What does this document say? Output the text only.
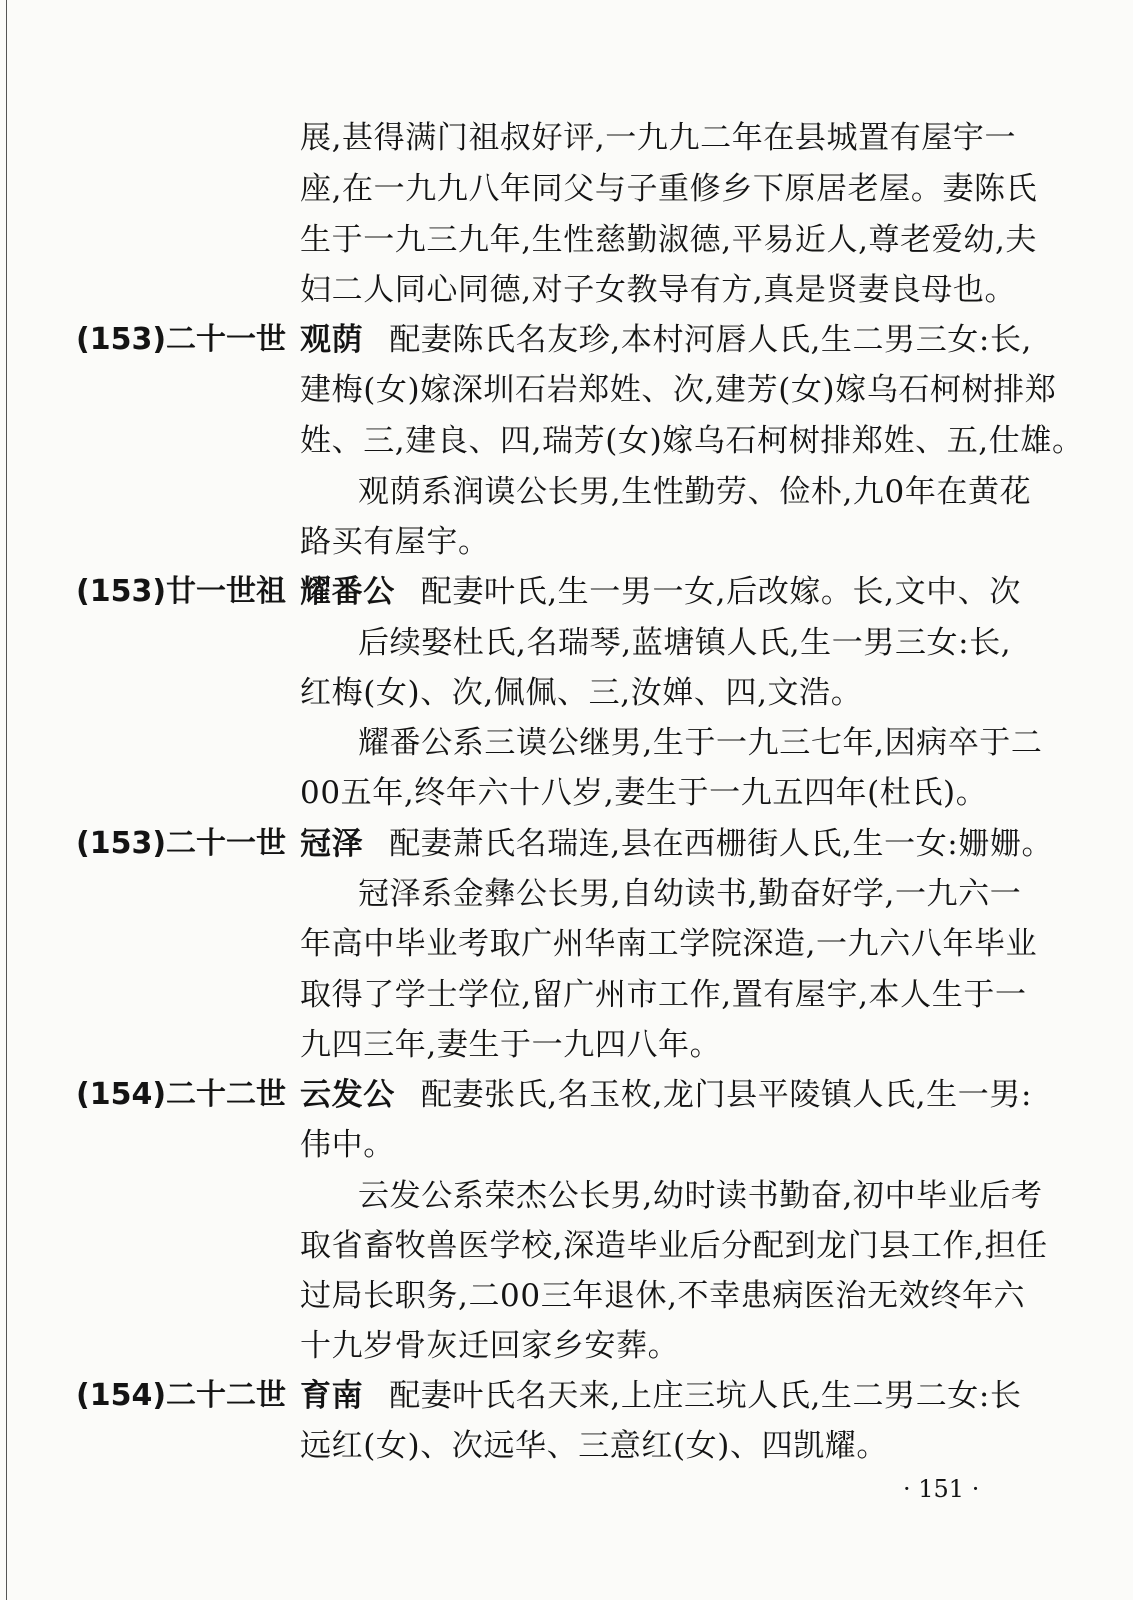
展,甚得满门祖叔好评,一九九二年在县城置有屋宇一
座,在一九九八年同父与子重修乡下原居老屋。妻陈氏
生于一九三九年,生性慈勤淑德,平易近人,尊老爱幼,夫
妇二人同心同德,对子女教导有方,真是贤妻良母也。
(153)二十一世 观荫 配妻陈氏名友珍,本村河唇人氏,生二男三女:长,
建梅(女)嫁深圳石岩郑姓、次,建芳(女)嫁乌石柯树排郑
姓、三,建良、四,瑞芳(女)嫁乌石柯树排郑姓、五,仕雄。
观荫系润谟公长男,生性勤劳、俭朴,九0年在黄花
路买有屋宇。
(153)廿一世祖 耀番公 配妻叶氏,生一男一女,后改嫁。长,文中、次
后续娶杜氏,名瑞琴,蓝塘镇人氏,生一男三女:长,
红梅(女)、次,佩佩、三,汝婵、四,文浩。
耀番公系三谟公继男,生于一九三七年,因病卒于二
00五年,终年六十八岁,妻生于一九五四年(杜氏)。
(153)二十一世 冠泽 配妻萧氏名瑞连,县在西栅街人氏,生一女:姗姗。
冠泽系金彝公长男,自幼读书,勤奋好学,一九六一
年高中毕业考取广州华南工学院深造,一九六八年毕业
取得了学士学位,留广州市工作,置有屋宇,本人生于一
九四三年,妻生于一九四八年。
(154)二十二世 云发公 配妻张氏,名玉枚,龙门县平陵镇人氏,生一男:
伟中。
云发公系荣杰公长男,幼时读书勤奋,初中毕业后考
取省畜牧兽医学校,深造毕业后分配到龙门县工作,担任
过局长职务,二00三年退休,不幸患病医治无效终年六
十九岁骨灰迁回家乡安葬。
(154)二十二世 育南 配妻叶氏名天来,上庄三坑人氏,生二男二女:长
远红(女)、次远华、三意红(女)、四凯耀。
· 151 ·
